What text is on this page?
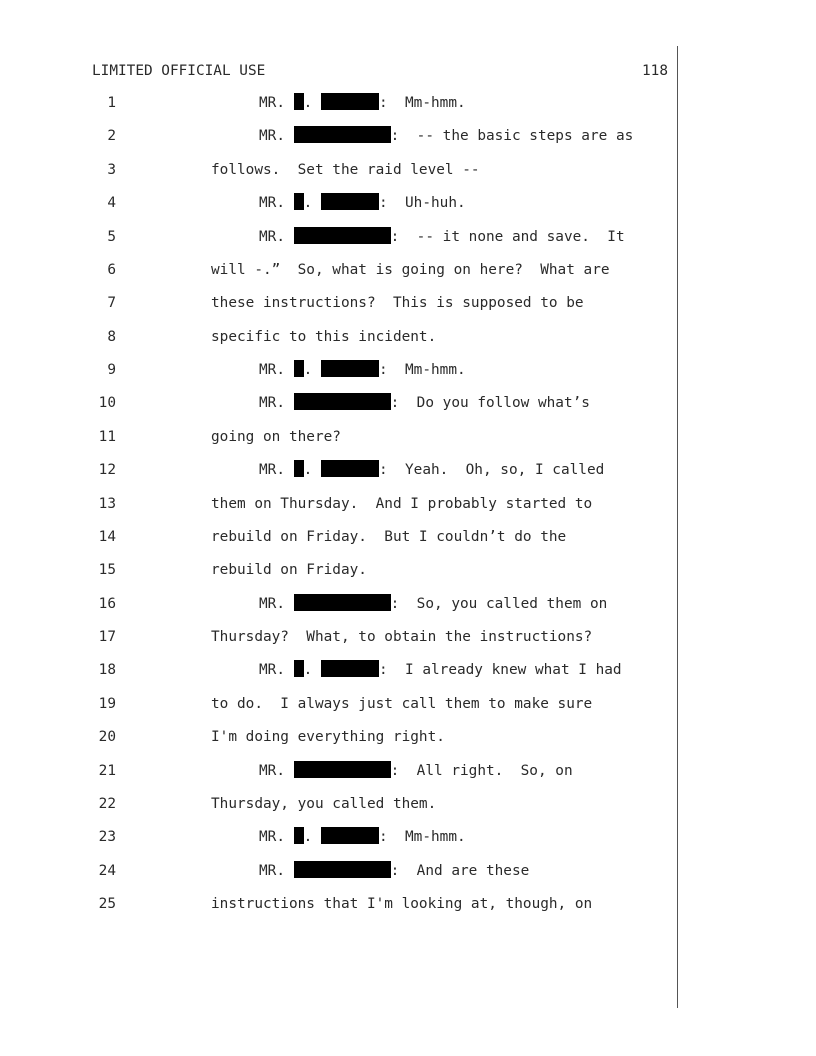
LIMITED OFFICIAL USE	118
1	MR. .	:  Mm-hmm.
2	MR.	:  -- the basic steps are as
3	follows.  Set the raid level --
4	MR. .	:  Uh-huh.
5	MR.	:  -- it none and save.  It
6	will -.”  So, what is going on here?  What are
7	these instructions?  This is supposed to be
8	specific to this incident.
9	MR. .	:  Mm-hmm.
10	MR.	:  Do you follow what’s
11	going on there?
12	MR. .	:  Yeah.  Oh, so, I called
13	them on Thursday.  And I probably started to
14	rebuild on Friday.  But I couldn’t do the
15	rebuild on Friday.
16	MR.	:  So, you called them on
17	Thursday?  What, to obtain the instructions?
18	MR. .	:  I already knew what I had
19	to do.  I always just call them to make sure
20	I'm doing everything right.
21	MR.	:  All right.  So, on
22	Thursday, you called them.
23	MR. .	:  Mm-hmm.
24	MR.	:  And are these
25	instructions that I'm looking at, though, on
